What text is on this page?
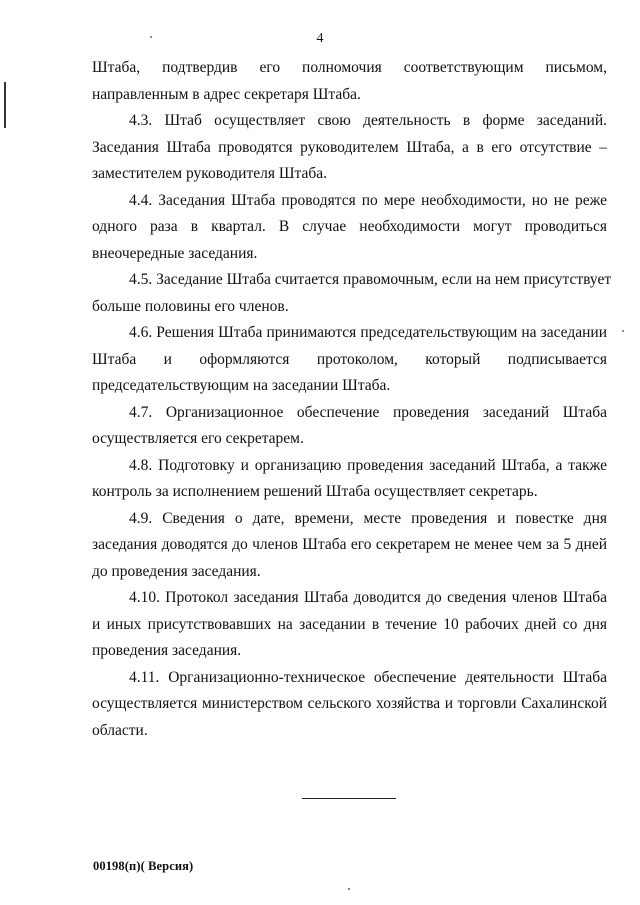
4

Штаба, подтвердив его полномочия соответствующим письмом,
направленным в адрес секретаря Штаба.

4.3. Штаб осуществляет свою деятельность в форме заседаний.
Заседания Штаба проводятся руководителем Штаба, а в его отсутствие –
заместителем руководителя Штаба.

4.4. Заседания Штаба проводятся по мере необходимости, но не реже
одного раза в квартал. В случае необходимости могут проводиться
внеочередные заседания.

4.5. Заседание Штаба считается правомочным, если на нем присутствует
больше половины его членов.

4.6. Решения Штаба принимаются председательствующим на заседании
Штаба и оформляются протоколом, который подписывается
председательствующим на заседании Штаба.

4.7. Организационное обеспечение проведения заседаний Штаба
осуществляется его секретарем.

4.8. Подготовку и организацию проведения заседаний Штаба, а также
контроль за исполнением решений Штаба осуществляет секретарь.

4.9. Сведения о дате, времени, месте проведения и повестке дня
заседания доводятся до членов Штаба его секретарем не менее чем за 5 дней
до проведения заседания.

4.10. Протокол заседания Штаба доводится до сведения членов Штаба
и иных присутствовавших на заседании в течение 10 рабочих дней со дня
проведения заседания.

4.11. Организационно-техническое обеспечение деятельности Штаба
осуществляется министерством сельского хозяйства и торговли Сахалинской
области.

00198(п)( Версия)
